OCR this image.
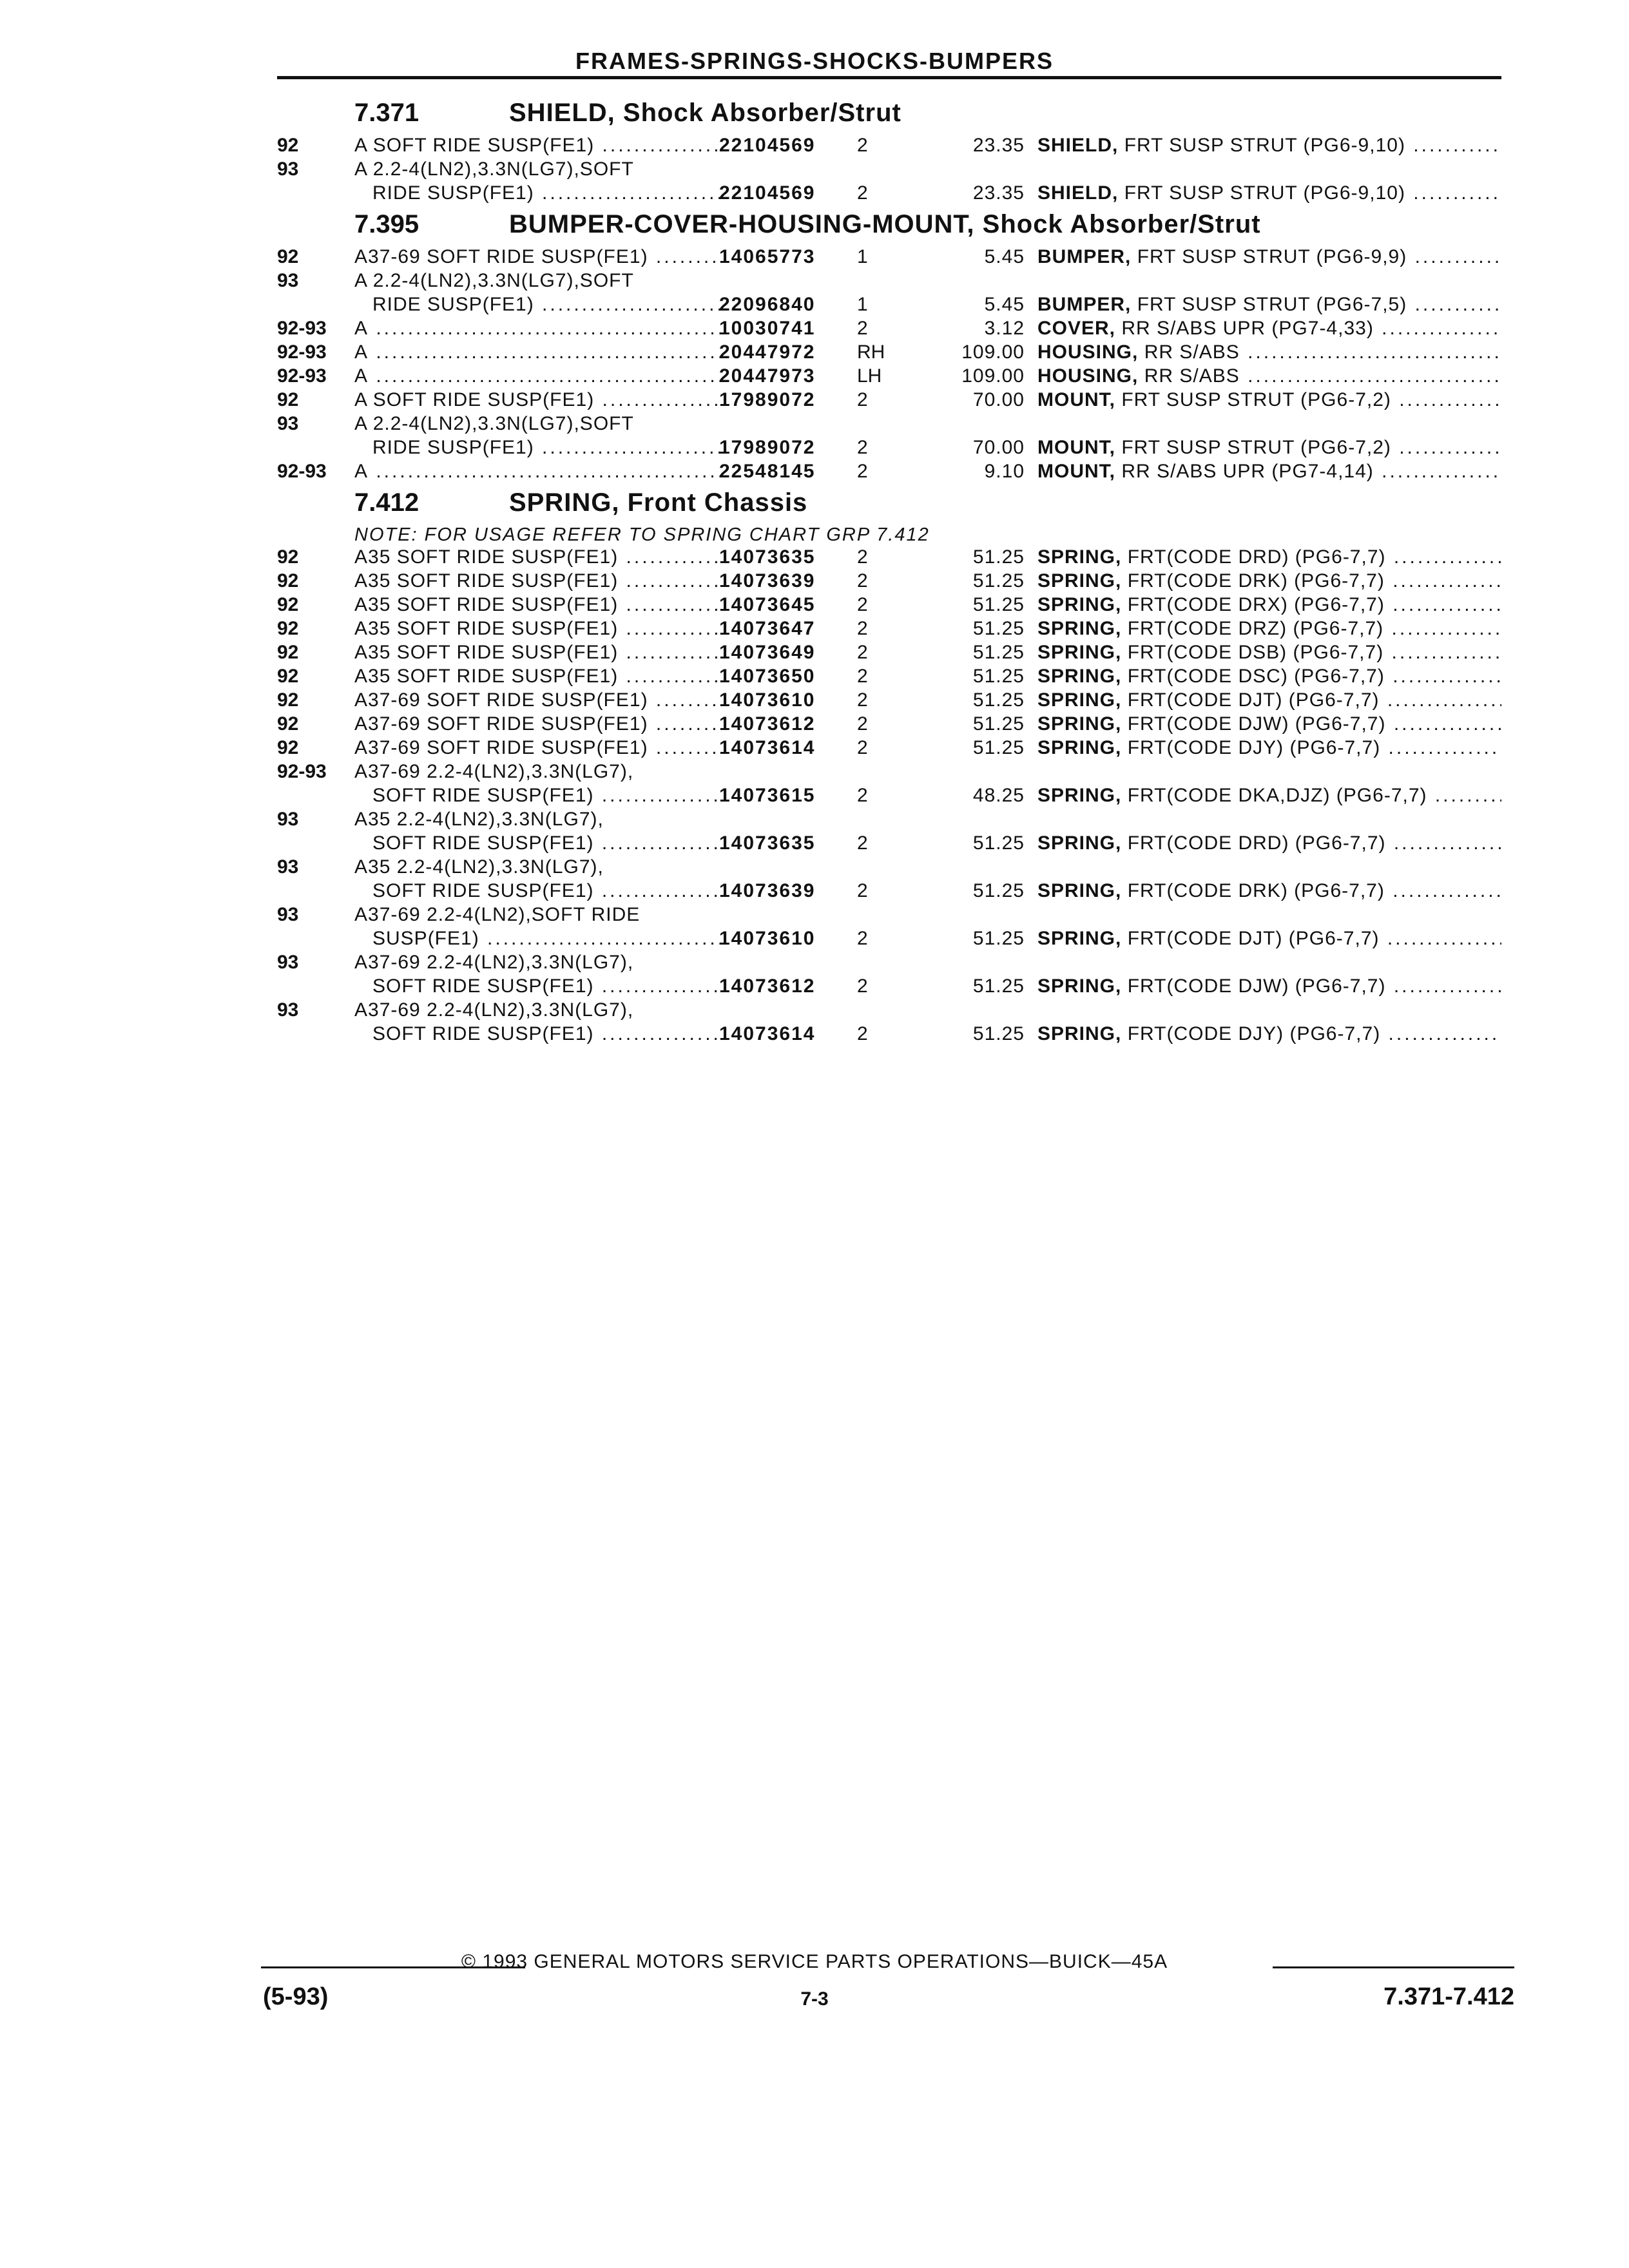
FRAMES-SPRINGS-SHOCKS-BUMPERS
7.371	SHIELD, Shock Absorber/Strut
92	A SOFT RIDE SUSP(FE1) .....	22104569 2	23.35 SHIELD, FRT SUSP STRUT (PG6-9,10) .....
93	A 2.2-4(LN2),3.3N(LG7),SOFT
RIDE SUSP(FE1) .....	22104569 2	23.35 SHIELD, FRT SUSP STRUT (PG6-9,10) .....
7.395	BUMPER-COVER-HOUSING-MOUNT, Shock Absorber/Strut
92	A37-69 SOFT RIDE SUSP(FE1) .....	14065773 1	5.45 BUMPER, FRT SUSP STRUT (PG6-9,9) .....
93	A 2.2-4(LN2),3.3N(LG7),SOFT
RIDE SUSP(FE1) .....	22096840 1	5.45 BUMPER, FRT SUSP STRUT (PG6-7,5) .....
92-93 A .....	10030741 2	3.12 COVER, RR S/ABS UPR (PG7-4,33) .....
92-93 A .....	20447972 RH	109.00 HOUSING, RR S/ABS .....
92-93 A .....	20447973 LH	109.00 HOUSING, RR S/ABS .....
92	A SOFT RIDE SUSP(FE1) .....	17989072 2	70.00 MOUNT, FRT SUSP STRUT (PG6-7,2) .....
93	A 2.2-4(LN2),3.3N(LG7),SOFT
RIDE SUSP(FE1) .....	17989072 2	70.00 MOUNT, FRT SUSP STRUT (PG6-7,2) .....
92-93 A .....	22548145 2	9.10 MOUNT, RR S/ABS UPR (PG7-4,14) .....
7.412	SPRING, Front Chassis
NOTE: FOR USAGE REFER TO SPRING CHART GRP 7.412
92	A35 SOFT RIDE SUSP(FE1) .....	14073635 2	51.25 SPRING, FRT(CODE DRD) (PG6-7,7) .....
92	A35 SOFT RIDE SUSP(FE1) .....	14073639 2	51.25 SPRING, FRT(CODE DRK) (PG6-7,7) .....
92	A35 SOFT RIDE SUSP(FE1) .....	14073645 2	51.25 SPRING, FRT(CODE DRX) (PG6-7,7) .....
92	A35 SOFT RIDE SUSP(FE1) .....	14073647 2	51.25 SPRING, FRT(CODE DRZ) (PG6-7,7) .....
92	A35 SOFT RIDE SUSP(FE1) .....	14073649 2	51.25 SPRING, FRT(CODE DSB) (PG6-7,7) .....
92	A35 SOFT RIDE SUSP(FE1) .....	14073650 2	51.25 SPRING, FRT(CODE DSC) (PG6-7,7) .....
92	A37-69 SOFT RIDE SUSP(FE1) .....	14073610 2	51.25 SPRING, FRT(CODE DJT) (PG6-7,7) .....
92	A37-69 SOFT RIDE SUSP(FE1) .....	14073612 2	51.25 SPRING, FRT(CODE DJW) (PG6-7,7) .....
92	A37-69 SOFT RIDE SUSP(FE1) .....	14073614 2	51.25 SPRING, FRT(CODE DJY) (PG6-7,7) .....
92-93 A37-69 2.2-4(LN2),3.3N(LG7),
SOFT RIDE SUSP(FE1) .....	14073615 2	48.25 SPRING, FRT(CODE DKA,DJZ) (PG6-7,7) .....
93	A35 2.2-4(LN2),3.3N(LG7),
SOFT RIDE SUSP(FE1) .....	14073635 2	51.25 SPRING, FRT(CODE DRD) (PG6-7,7) .....
93	A35 2.2-4(LN2),3.3N(LG7),
SOFT RIDE SUSP(FE1) .....	14073639 2	51.25 SPRING, FRT(CODE DRK) (PG6-7,7) .....
93	A37-69 2.2-4(LN2),SOFT RIDE
SUSP(FE1) .....	14073610 2	51.25 SPRING, FRT(CODE DJT) (PG6-7,7) .....
93	A37-69 2.2-4(LN2),3.3N(LG7),
SOFT RIDE SUSP(FE1) .....	14073612 2	51.25 SPRING, FRT(CODE DJW) (PG6-7,7) .....
93	A37-69 2.2-4(LN2),3.3N(LG7),
SOFT RIDE SUSP(FE1) .....	14073614 2	51.25 SPRING, FRT(CODE DJY) (PG6-7,7) .....
© 1993 GENERAL MOTORS SERVICE PARTS OPERATIONS—BUICK—45A
(5-93)	7-3	7.371-7.412
